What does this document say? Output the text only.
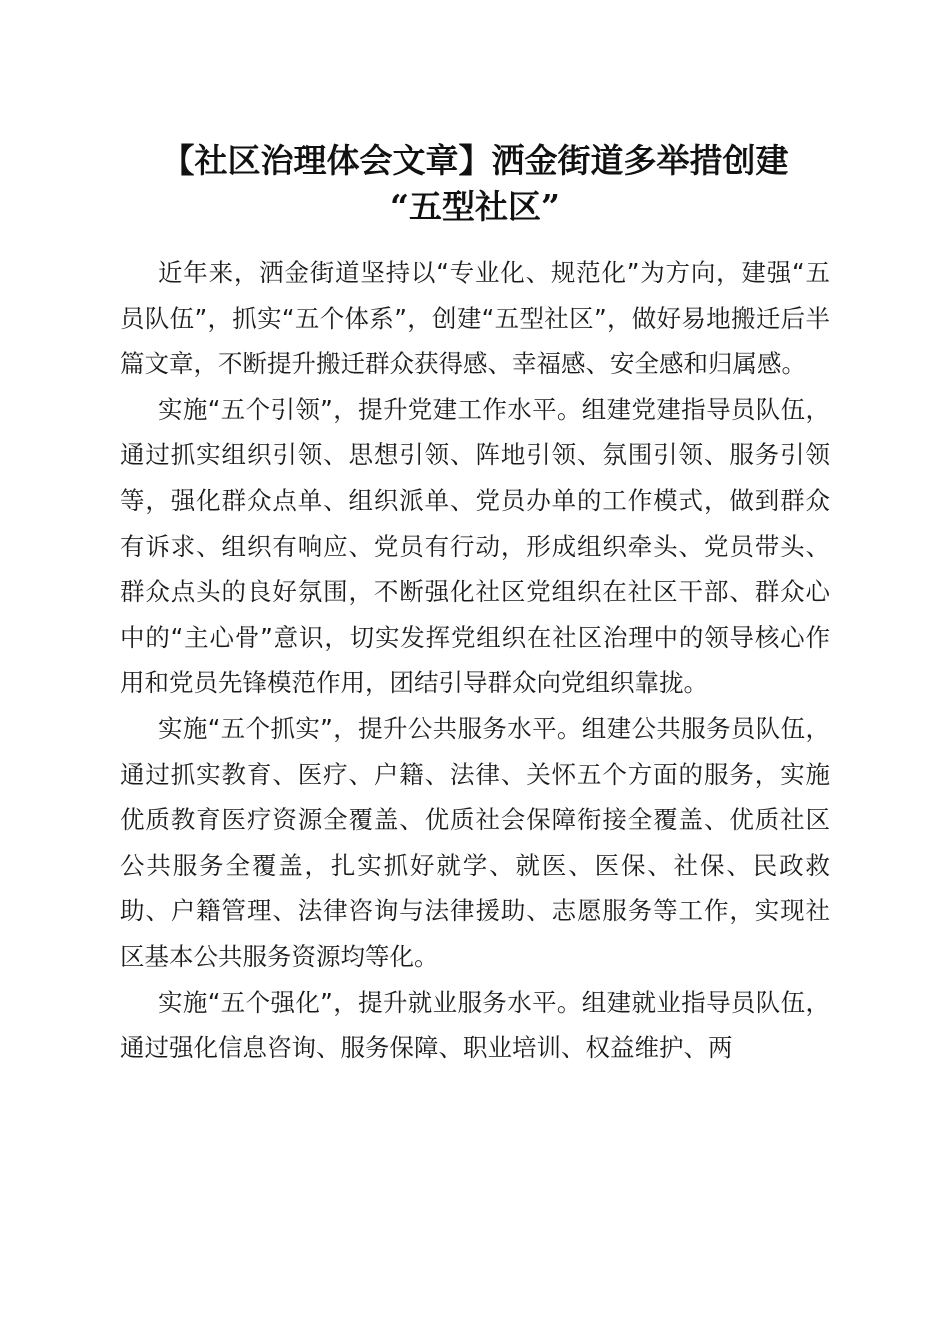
【社区治理体会文章】洒金街道多举措创建
“五型社区”

近年来，洒金街道坚持以“专业化、规范化”为方向，建强“五员队伍”，抓实“五个体系”，创建“五型社区”，做好易地搬迁后半篇文章，不断提升搬迁群众获得感、幸福感、安全感和归属感。

实施“五个引领”，提升党建工作水平。组建党建指导员队伍，通过抓实组织引领、思想引领、阵地引领、氛围引领、服务引领等，强化群众点单、组织派单、党员办单的工作模式，做到群众有诉求、组织有响应、党员有行动，形成组织牵头、党员带头、群众点头的良好氛围，不断强化社区党组织在社区干部、群众心中的“主心骨”意识，切实发挥党组织在社区治理中的领导核心作用和党员先锋模范作用，团结引导群众向党组织靠拢。

实施“五个抓实”，提升公共服务水平。组建公共服务员队伍，通过抓实教育、医疗、户籍、法律、关怀五个方面的服务，实施优质教育医疗资源全覆盖、优质社会保障衔接全覆盖、优质社区公共服务全覆盖，扎实抓好就学、就医、医保、社保、民政救助、户籍管理、法律咨询与法律援助、志愿服务等工作，实现社区基本公共服务资源均等化。

实施“五个强化”，提升就业服务水平。组建就业指导员队伍，通过强化信息咨询、服务保障、职业培训、权益维护、两
